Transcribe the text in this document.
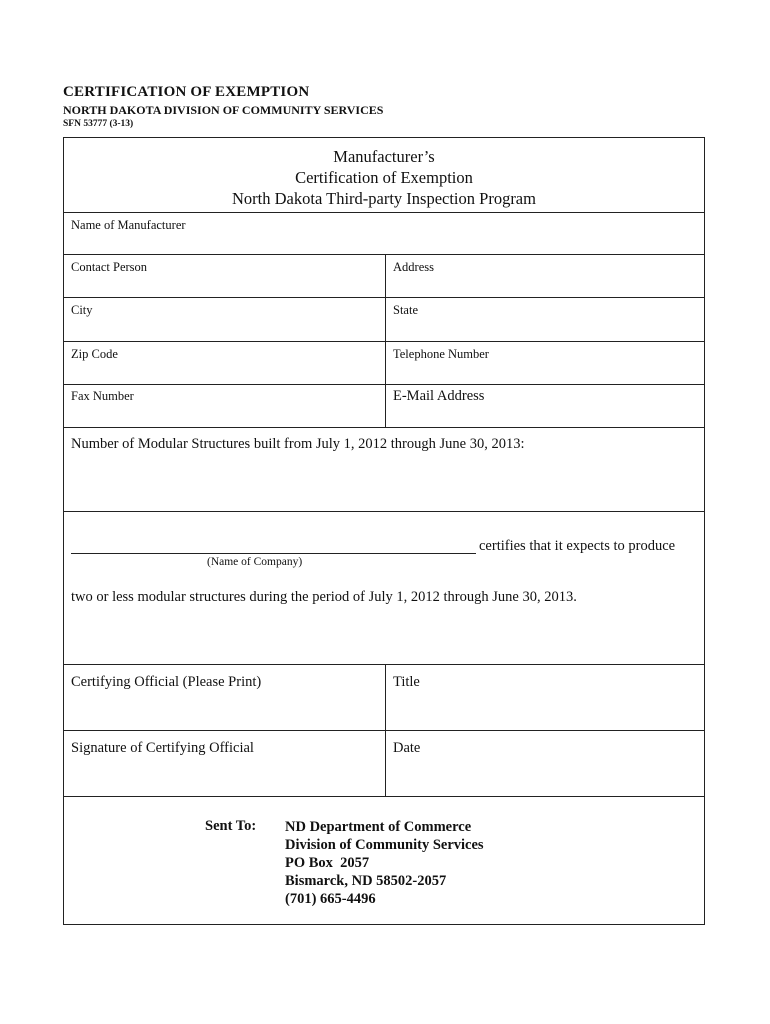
CERTIFICATION OF EXEMPTION
NORTH DAKOTA DIVISION OF COMMUNITY SERVICES
SFN 53777 (3-13)
Manufacturer’s
Certification of Exemption
North Dakota Third-party Inspection Program
Name of Manufacturer
Contact Person	Address
City	State
Zip Code	Telephone Number
Fax Number	E-Mail Address
Number of Modular Structures built from July 1, 2012 through June 30, 2013:
certifies that it expects to produce
(Name of Company)
two or less modular structures during the period of July 1, 2012 through June 30, 2013.
Certifying Official (Please Print)	Title
Signature of Certifying Official	Date
Sent To: ND Department of Commerce
Division of Community Services
PO Box  2057
Bismarck, ND 58502-2057
(701) 665-4496
